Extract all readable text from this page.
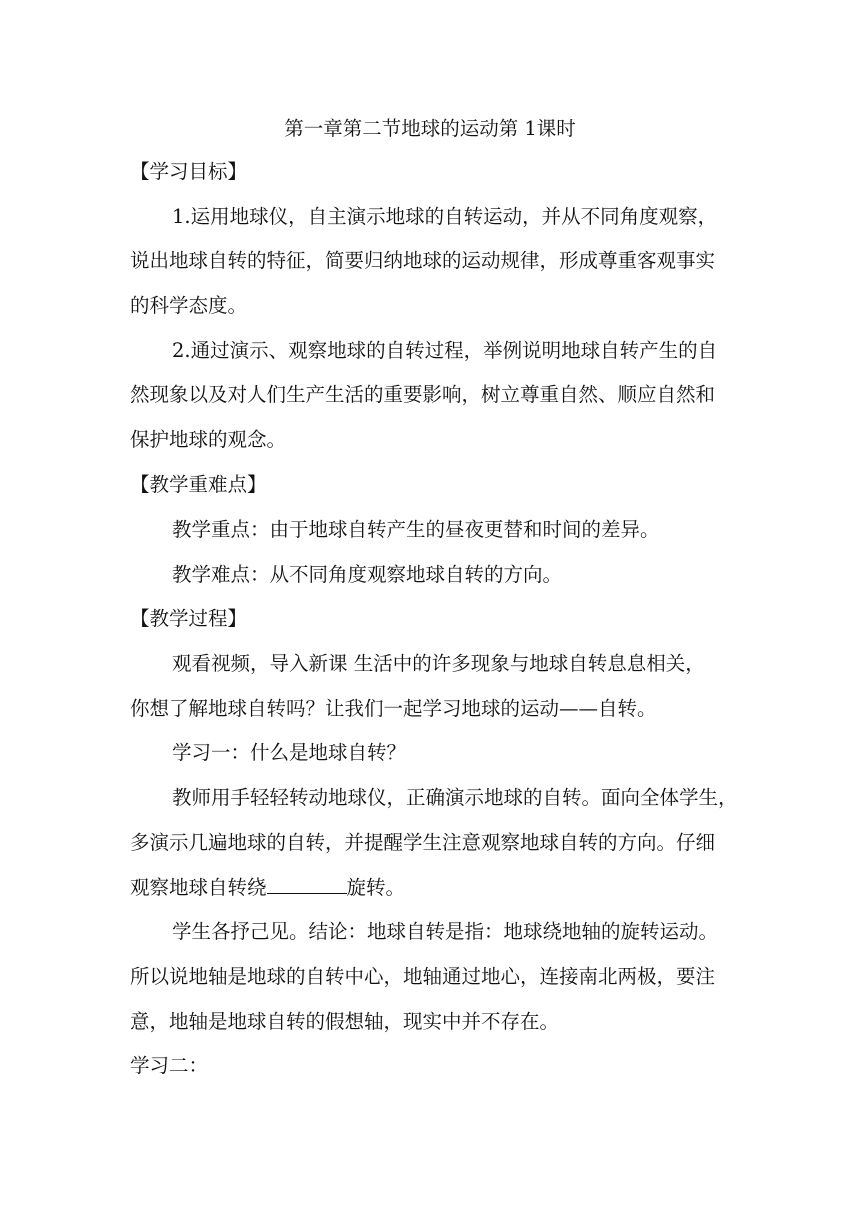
第一章第二节地球的运动第 1课时
【学习目标】
1.运用地球仪，自主演示地球的自转运动，并从不同角度观察，
说出地球自转的特征，简要归纳地球的运动规律，形成尊重客观事实
的科学态度。
2.通过演示、观察地球的自转过程，举例说明地球自转产生的自
然现象以及对人们生产生活的重要影响，树立尊重自然、顺应自然和
保护地球的观念。
【教学重难点】
教学重点：由于地球自转产生的昼夜更替和时间的差异。
教学难点：从不同角度观察地球自转的方向。
【教学过程】
观看视频，导入新课 生活中的许多现象与地球自转息息相关，
你想了解地球自转吗？让我们一起学习地球的运动——自转。
学习一：什么是地球自转？
教师用手轻轻转动地球仪，正确演示地球的自转。面向全体学生，
多演示几遍地球的自转，并提醒学生注意观察地球自转的方向。仔细
观察地球自转绕	旋转。
学生各抒己见。结论：地球自转是指：地球绕地轴的旋转运动。
所以说地轴是地球的自转中心，地轴通过地心，连接南北两极，要注
意，地轴是地球自转的假想轴，现实中并不存在。
学习二：
